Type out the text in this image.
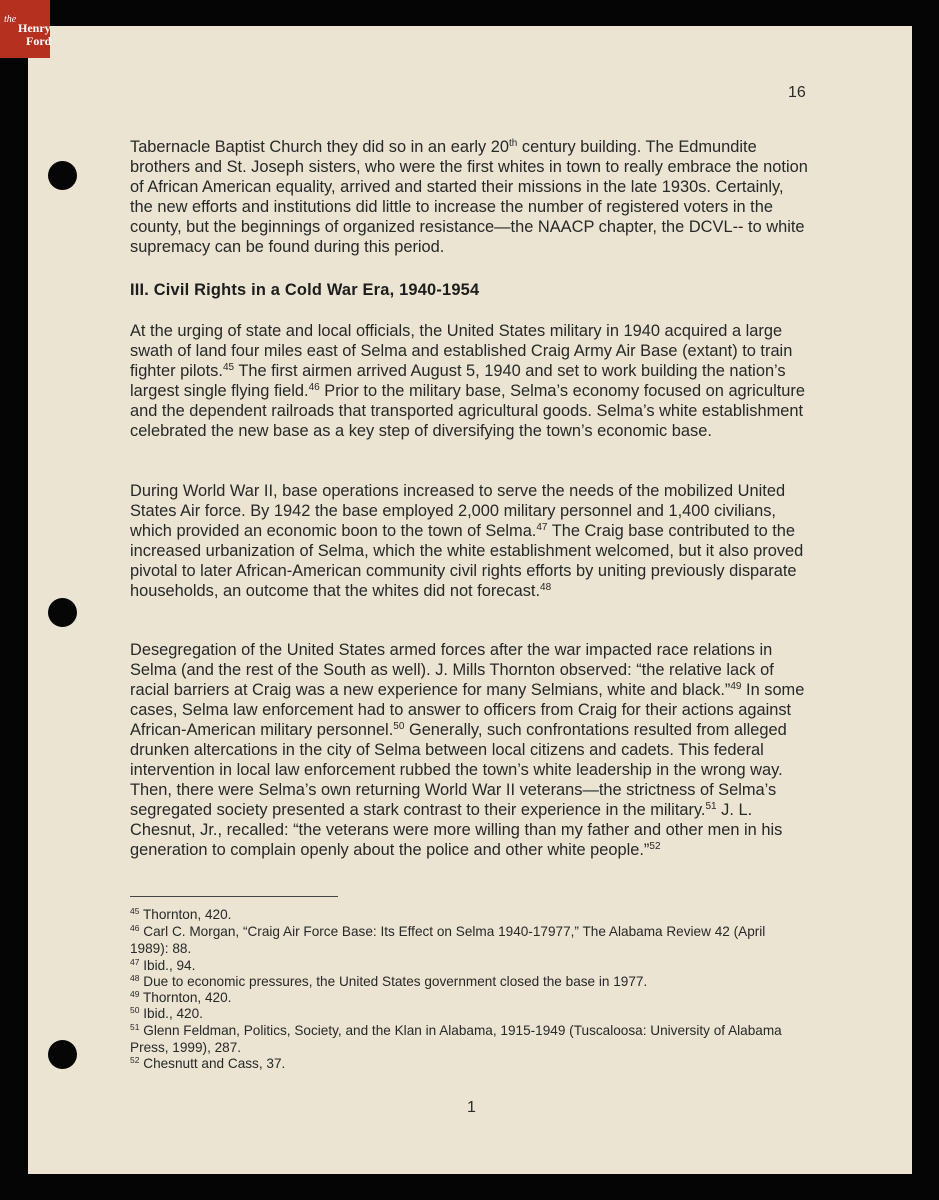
the
Henry
Ford
16

Tabernacle Baptist Church they did so in an early 20th century building. The Edmundite brothers and St. Joseph sisters, who were the first whites in town to really embrace the notion of African American equality, arrived and started their missions in the late 1930s. Certainly, the new efforts and institutions did little to increase the number of registered voters in the county, but the beginnings of organized resistance—the NAACP chapter, the DCVL-- to white supremacy can be found during this period.

III. Civil Rights in a Cold War Era, 1940-1954

At the urging of state and local officials, the United States military in 1940 acquired a large swath of land four miles east of Selma and established Craig Army Air Base (extant) to train fighter pilots.$^{45}$ The first airmen arrived August 5, 1940 and set to work building the nation’s largest single flying field.$^{46}$ Prior to the military base, Selma’s economy focused on agriculture and the dependent railroads that transported agricultural goods. Selma’s white establishment celebrated the new base as a key step of diversifying the town’s economic base.

During World War II, base operations increased to serve the needs of the mobilized United States Air force. By 1942 the base employed 2,000 military personnel and 1,400 civilians, which provided an economic boon to the town of Selma.$^{47}$ The Craig base contributed to the increased urbanization of Selma, which the white establishment welcomed, but it also proved pivotal to later African-American community civil rights efforts by uniting previously disparate households, an outcome that the whites did not forecast.$^{48}$

Desegregation of the United States armed forces after the war impacted race relations in Selma (and the rest of the South as well). J. Mills Thornton observed: “the relative lack of racial barriers at Craig was a new experience for many Selmians, white and black.”$^{49}$ In some cases, Selma law enforcement had to answer to officers from Craig for their actions against African-American military personnel.$^{50}$ Generally, such confrontations resulted from alleged drunken altercations in the city of Selma between local citizens and cadets. This federal intervention in local law enforcement rubbed the town’s white leadership in the wrong way. Then, there were Selma’s own returning World War II veterans—the strictness of Selma’s segregated society presented a stark contrast to their experience in the military.$^{51}$ J. L. Chesnut, Jr., recalled: “the veterans were more willing than my father and other men in his generation to complain openly about the police and other white people.”$^{52}$

$^{45}$ Thornton, 420.

$^{46}$ Carl C. Morgan, “Craig Air Force Base: Its Effect on Selma 1940-17977,” The Alabama Review 42 (April 1989): 88.

$^{47}$ Ibid., 94.

$^{48}$ Due to economic pressures, the United States government closed the base in 1977.

$^{49}$ Thornton, 420.

$^{50}$ Ibid., 420.

$^{51}$ Glenn Feldman, Politics, Society, and the Klan in Alabama, 1915-1949 (Tuscaloosa: University of Alabama Press, 1999), 287.

$^{52}$ Chesnutt and Cass, 37.

1
